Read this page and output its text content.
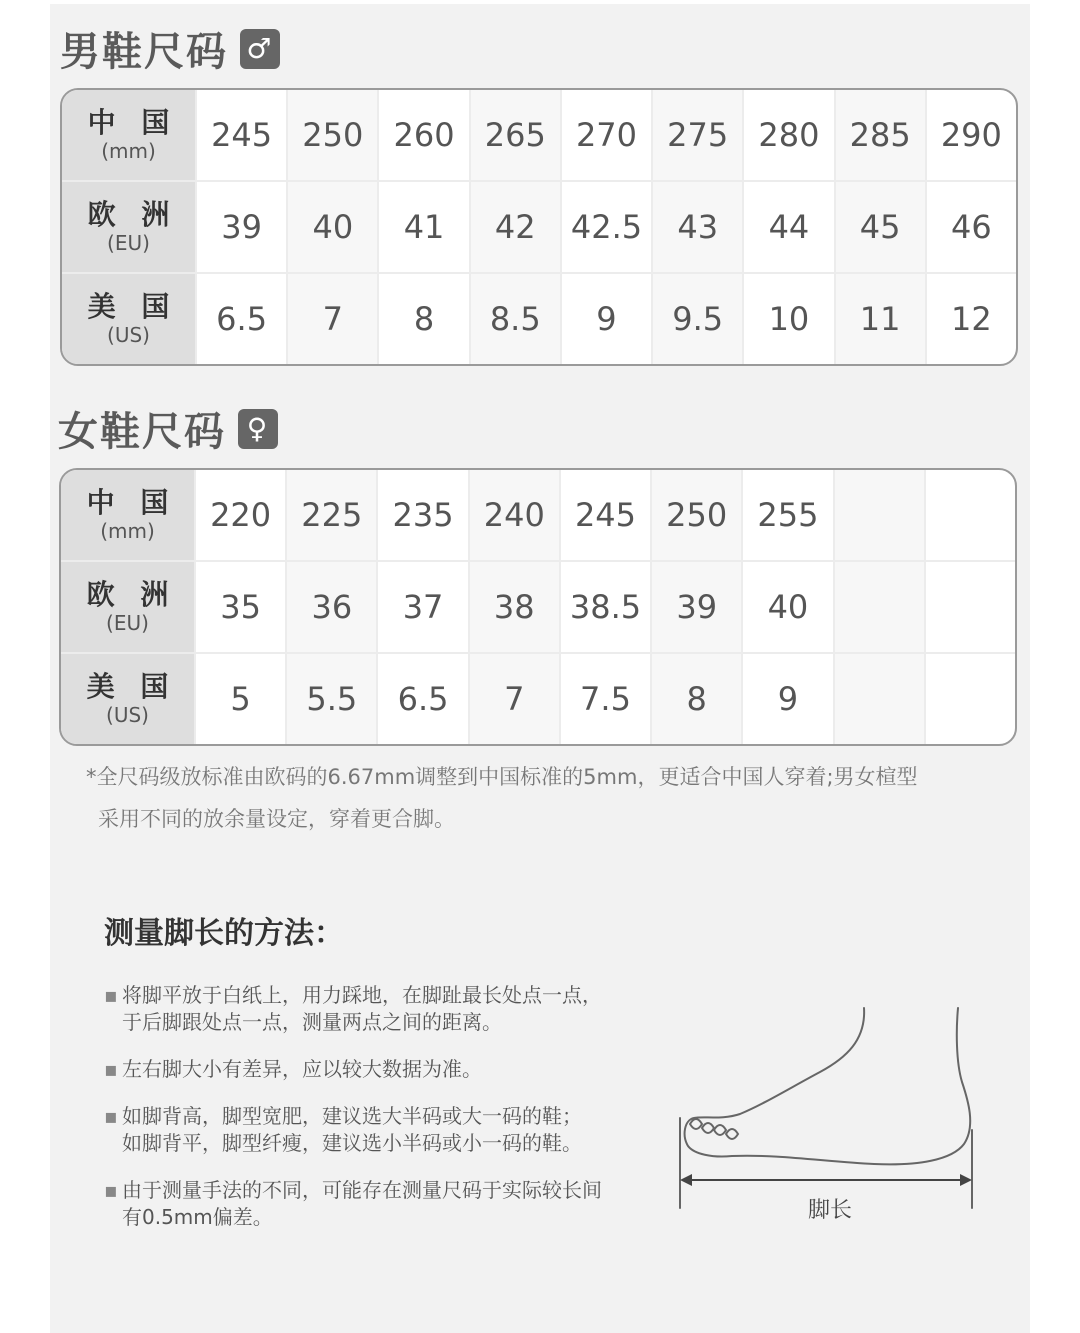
男鞋尺码 ♂
中 国
(mm)	245 250 260 265 270 275 280 285 290
欧 洲
(EU)	39	40	41	42	42.5	43	44	45	46
美 国
(US)	6.5	7	8	8.5	9	9.5	10	11	12
女鞋尺码 ♀
中 国
(mm)	220 225 235 240 245 250 255
欧 洲
(EU)	35	36	37	38	38.5	39	40
美 国
(US)	5	5.5	6.5	7	7.5	8	9
*全尺码级放标准由欧码的6.67mm调整到中国标准的5mm，更适合中国人穿着;男女楦型
采用不同的放余量设定，穿着更合脚。
测量脚长的方法：
▪ 将脚平放于白纸上，用力踩地，在脚趾最长处点一点，
于后脚跟处点一点，测量两点之间的距离。
▪ 左右脚大小有差异，应以较大数据为准。
▪ 如脚背高，脚型宽肥，建议选大半码或大一码的鞋；
如脚背平，脚型纤瘦，建议选小半码或小一码的鞋。
▪ 由于测量手法的不同，可能存在测量尺码于实际较长间
有0.5mm偏差。	脚长
